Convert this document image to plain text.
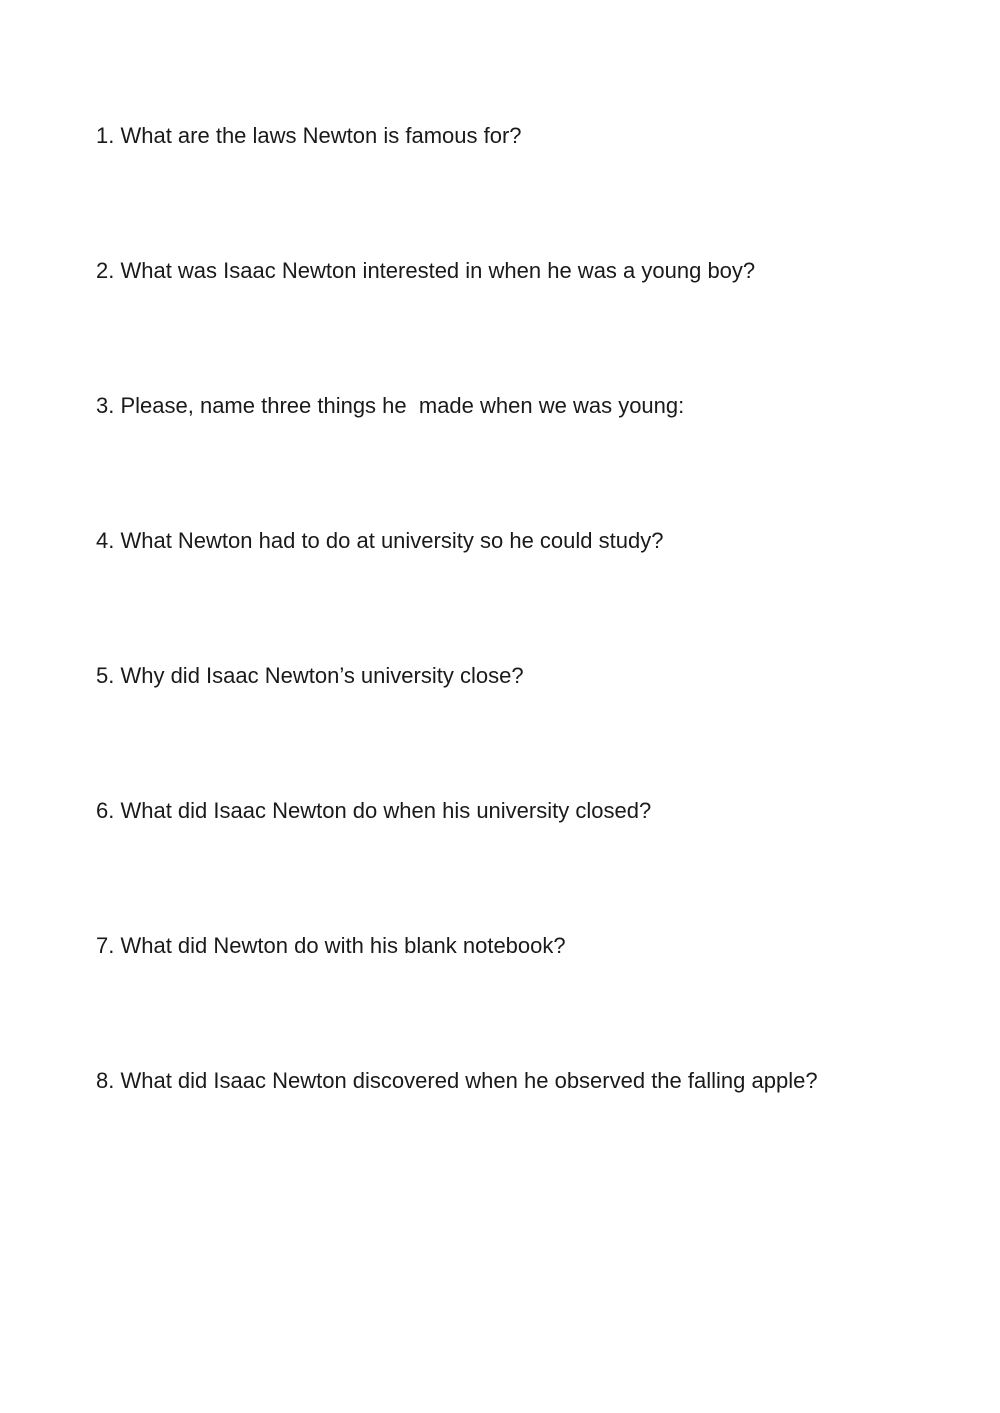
1. What are the laws Newton is famous for?

2. What was Isaac Newton interested in when he was a young boy?

3. Please, name three things he  made when we was young:

4. What Newton had to do at university so he could study?

5. Why did Isaac Newton’s university close?

6. What did Isaac Newton do when his university closed?

7. What did Newton do with his blank notebook?

8. What did Isaac Newton discovered when he observed the falling apple?
